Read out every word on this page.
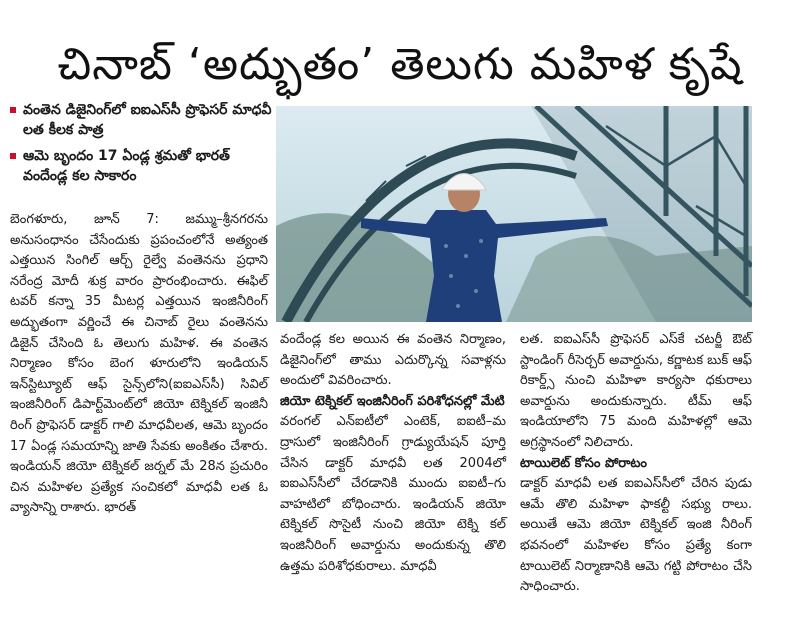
చినాబ్ ‘అద్భుతం’ తెలుగు మహిళ కృషే
వంతెన డిజైనింగ్‌లో ఐఐఎస్‌సీ ప్రొఫెసర్ మాధవీ లత కీలక పాత్ర
ఆమె బృందం 17 ఏండ్ల శ్రమతో భారత్ వందేండ్ల కల సాకారం

బెంగళూరు, జూన్ 7: జమ్ము–శ్రీనగరను అనుసంధానం చేసేందుకు ప్రపంచంలోనే అత్యంత ఎత్తయిన సింగిల్ ఆర్చ్ రైల్వే వంతెనను ప్రధాని నరేంద్ర మోదీ శుక్ర వారం ప్రారంభించారు. ఈఫిల్ టవర్ కన్నా 35 మీటర్ల ఎత్తయిన ఇంజినీరింగ్ అద్భుతంగా వర్ణించే ఈ చినాబ్ రైలు వంతెనను డిజైన్ చేసింది ఓ తెలుగు మహిళ. ఈ వంతెన నిర్మాణం కోసం బెంగ ళూరులోని ఇండియన్ ఇన్‌స్టిట్యూట్ ఆఫ్ సైన్స్‌లోని(ఐఐఎస్‌సీ) సివిల్ ఇంజినీరింగ్ డిపార్ట్‌మెంట్‌లో జియో టెక్నికల్ ఇంజినీ రింగ్ ప్రొఫెసర్ డాక్టర్ గాలి మాధవీలత, ఆమె బృందం 17 ఏండ్ల సమయాన్ని జాతి సేవకు అంకితం చేశారు. ఇండియన్ జియో టెక్నికల్ జర్నల్ మే 28న ప్రచురిం చిన మహిళల ప్రత్యేక సంచికలో మాధవీ లత ఓ వ్యాసాన్ని రాశారు. భారత్

వందేండ్ల కల అయిన ఈ వంతెన నిర్మాణం, డిజైనింగ్‌లో తాము ఎదుర్కొన్న సవాళ్లను అందులో వివరించారు.

జియో టెక్నికల్ ఇంజినీరింగ్ పరిశోధనల్లో మేటి

వరంగల్ ఎన్ఐటీలో ఎంటెక్, ఐఐటీ–మ ద్రాసులో ఇంజినీరింగ్ గ్రాడ్యుయేషన్ పూర్తి చేసిన డాక్టర్ మాధవీ లత 2004లో ఐఐఎస్‌సీలో చేరడానికి ముందు ఐఐటీ–గు వాహటిలో బోధించారు. ఇండియన్ జియో టెక్నికల్ సొసైటీ నుంచి జియో టెక్ని కల్ ఇంజినీరింగ్ అవార్డును అందుకున్న తొలి ఉత్తమ పరిశోధకురాలు. మాధవీ

లత. ఐఐఎస్‌సీ ప్రొఫెసర్ ఎస్‌కే చటర్జీ ఔట్ స్టాండింగ్ రీసెర్చర్ అవార్డును, కర్ణాటక బుక్ ఆఫ్ రికార్డ్స్ నుంచి మహిళా కార్యసా ధకురాలు అవార్డును అందుకున్నారు. టీమ్ ఆఫ్ ఇండియాలోని 75 మంది మహిళల్లో ఆమె అగ్రస్థానంలో నిలిచారు.

టాయిలెట్ కోసం పోరాటం

డాక్టర్ మాధవీ లత ఐఐఎస్‌సీలో చేరిన పుడు ఆమే తొలి మహిళా ఫాకల్టీ సభ్యు రాలు. అయితే ఆమె జియో టెక్నికల్ ఇంజి నీరింగ్ భవనంలో మహిళల కోసం ప్రత్యే కంగా టాయిలెట్ నిర్మాణానికి ఆమె గట్టి పోరాటం చేసి సాధించారు.
